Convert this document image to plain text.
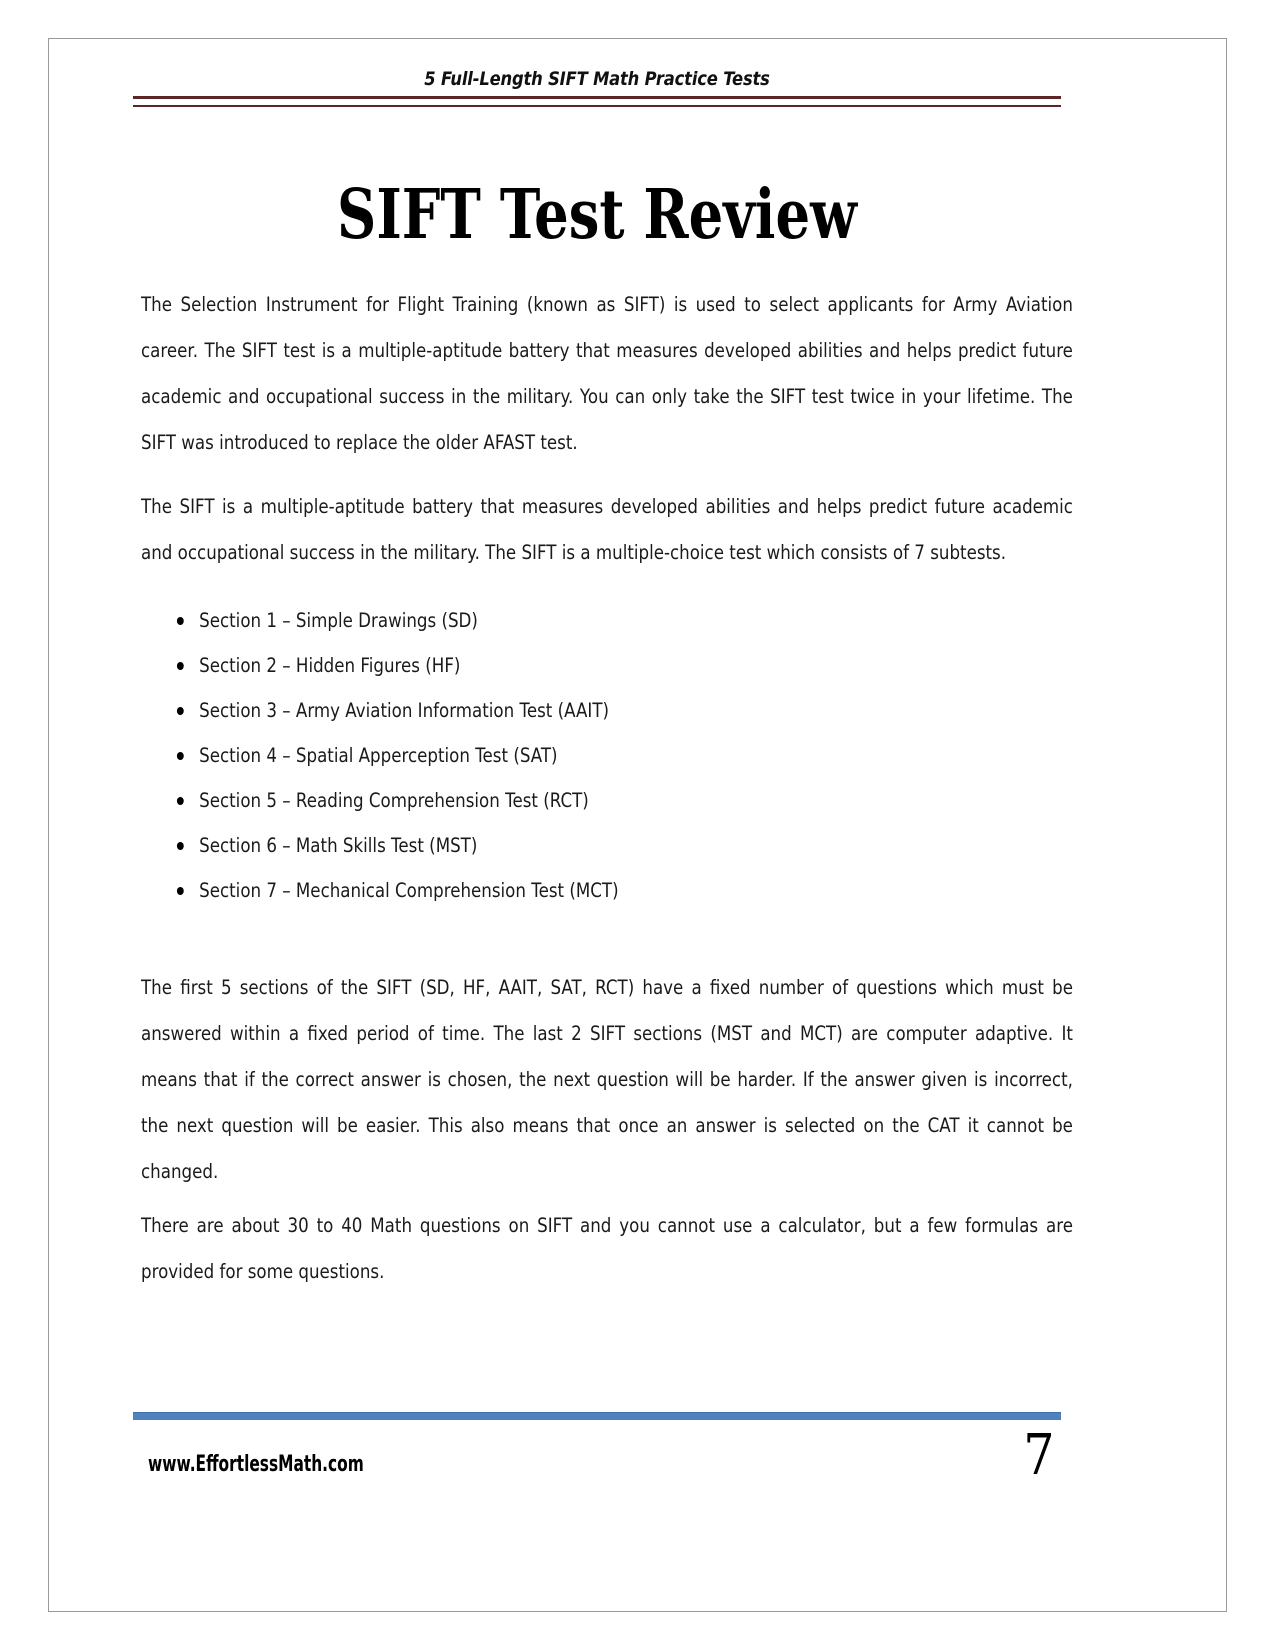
5 Full-Length SIFT Math Practice Tests
SIFT Test Review

The Selection Instrument for Flight Training (known as SIFT) is used to select applicants for Army Aviation career. The SIFT test is a multiple-aptitude battery that measures developed abilities and helps predict future academic and occupational success in the military. You can only take the SIFT test twice in your lifetime. The SIFT was introduced to replace the older AFAST test.

The SIFT is a multiple-aptitude battery that measures developed abilities and helps predict future academic and occupational success in the military. The SIFT is a multiple-choice test which consists of 7 subtests.

Section 1 – Simple Drawings (SD)
Section 2 – Hidden Figures (HF)
Section 3 – Army Aviation Information Test (AAIT)
Section 4 – Spatial Apperception Test (SAT)
Section 5 – Reading Comprehension Test (RCT)
Section 6 – Math Skills Test (MST)
Section 7 – Mechanical Comprehension Test (MCT)

The first 5 sections of the SIFT (SD, HF, AAIT, SAT, RCT) have a fixed number of questions which must be answered within a fixed period of time. The last 2 SIFT sections (MST and MCT) are computer adaptive. It means that if the correct answer is chosen, the next question will be harder. If the answer given is incorrect, the next question will be easier. This also means that once an answer is selected on the CAT it cannot be changed.

There are about 30 to 40 Math questions on SIFT and you cannot use a calculator, but a few formulas are provided for some questions.

www.EffortlessMath.com	7
